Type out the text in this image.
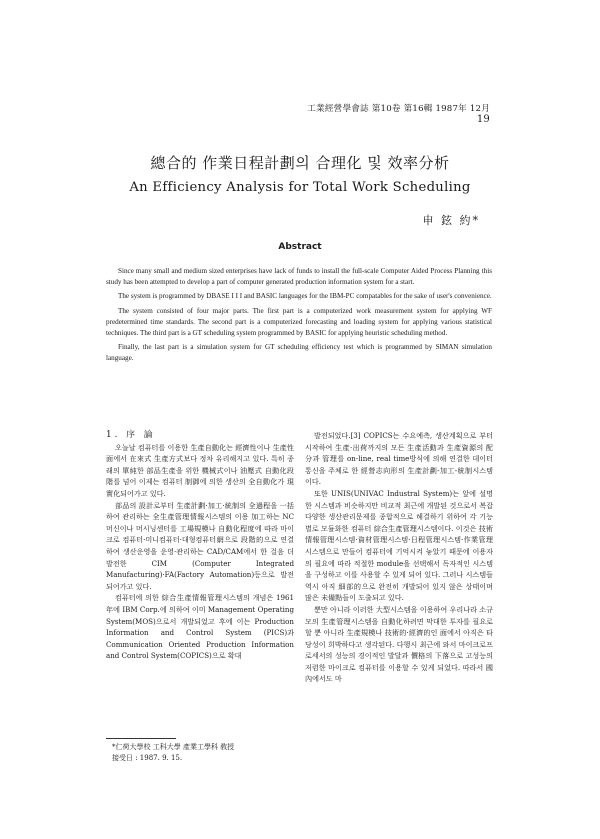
工業經營學會誌 第10卷 第16輯 1987年 12月 19
總合的 作業日程計劃의 合理化 및 效率分析
An Efficiency Analysis for Total Work Scheduling
申 鉉 約*
Abstract

Since many small and medium sized enterprises have lack of funds to install the full-scale Computer Aided Process Planning this study has been attempted to develop a part of computer generated production information system for a start.

The system is programmed by DBASE I I I and BASIC languages for the IBM-PC compatables for the sake of user's convenience.

The system consisted of four major parts. The first part is a computerized work measurement system for applying WF predetermined time standards. The second part is a computerized forecasting and loading system for applying various statistical techniques. The third part is a GT scheduling system programmed by BASIC for applying heuristic scheduling method.

Finally, the last part is a simulation system for GT scheduling efficiency test which is programmed by SIMAN simulation language.

1. 序 論

오늘날 컴퓨터를 이용한 生產自動化는 經濟性이나 生產性面에서 在來式 生產方式보다 정차 유리해지고 있다. 특히 종래의 單純한 部品生產을 위한 機械式이나 油壓式 自動化段階를 넘어 이제는 컴퓨터 制御에 의한 생산의 全自動化가 現實化되어가고 있다.

部品의 設計로부터 生產計劃·加工·統制의 全過程을 一括하여 관리하는 全生產管理情報시스템의 이용 加工하는 NC머신이나 머시닝센터를 工場規模나 自動化程度에 따라 마이크로 컴퓨터·미니컴퓨터·대형컴퓨터網으로 段階的으로 연결하여 생산운영을 운영·관리하는 CAD/CAM에서 한 걸음 더 발전한 CIM (Computer Integrated Manufacturing)·FA(Factory Automation)등으로 발전되어가고 있다.

컴퓨터에 의한 綜合生產情報管理시스템의 개념은 1961年에 IBM Corp.에 의하여 이미 Management Operating System(MOS)으로서 개발되었고 후에 이는 Production Information and Control System (PICS)과 Communication Oriented Production Information and Control System(COPICS)으로 확대

발전되었다.[3] COPICS는 수요예측, 생산계획으로 부터 시작하여 生產·出荷까지의 모든 生產活動과 生產資源의 配分과 管理를 on-line, real time방식에 의해 연결한 데이터 통신을 주체로 한 經營志向形의 生產計劃-加工-統制시스템이다.

또한 UNIS(UNIVAC Industral System)는 앞에 설명한 시스템과 비슷하지만 비교적 최근에 개발된 것으로서 복잡다양한 생산관리문제를 종합적으로 해결하기 위하여 각 기능별로 모듈화한 컴퓨터 綜合生產管理시스템이다. 이것은 技術情報管理시스템·資材管理시스템·日程管理시스템·作業管理시스템으로 만들어 컴퓨터에 기억시켜 놓았기 때문에 이용자의 필요에 따라 적절한 module을 선택해서 독자적인 시스템을 구성하고 이를 사용할 수 있게 되어 있다. 그러나 시스템들 역시 아직 細部的으로 완전히 개발되어 있지 않은 상태이며 많은 未備點들이 도출되고 있다.

뿐만 아니라 이러한 大型시스템을 이용하여 우리나라 소규모의 生產管理시스템을 自動化하려면 막대한 투자를 필요로 할 뿐 아니라 生產規模나 技術的·經濟的인 面에서 아직은 타당성이 희박하다고 생각된다. 다행시 최근에 와서 마이크로프로세서의 성능의 경이적인 발달과 價格의 下落으로 고성능의 저렴한 마이크로 컴퓨터를 이용할 수 있게 되었다. 따라서 國內에서도 마

*仁荷大學校 工科大學 產業工學科 敎授
接受日 : 1987. 9. 15.
